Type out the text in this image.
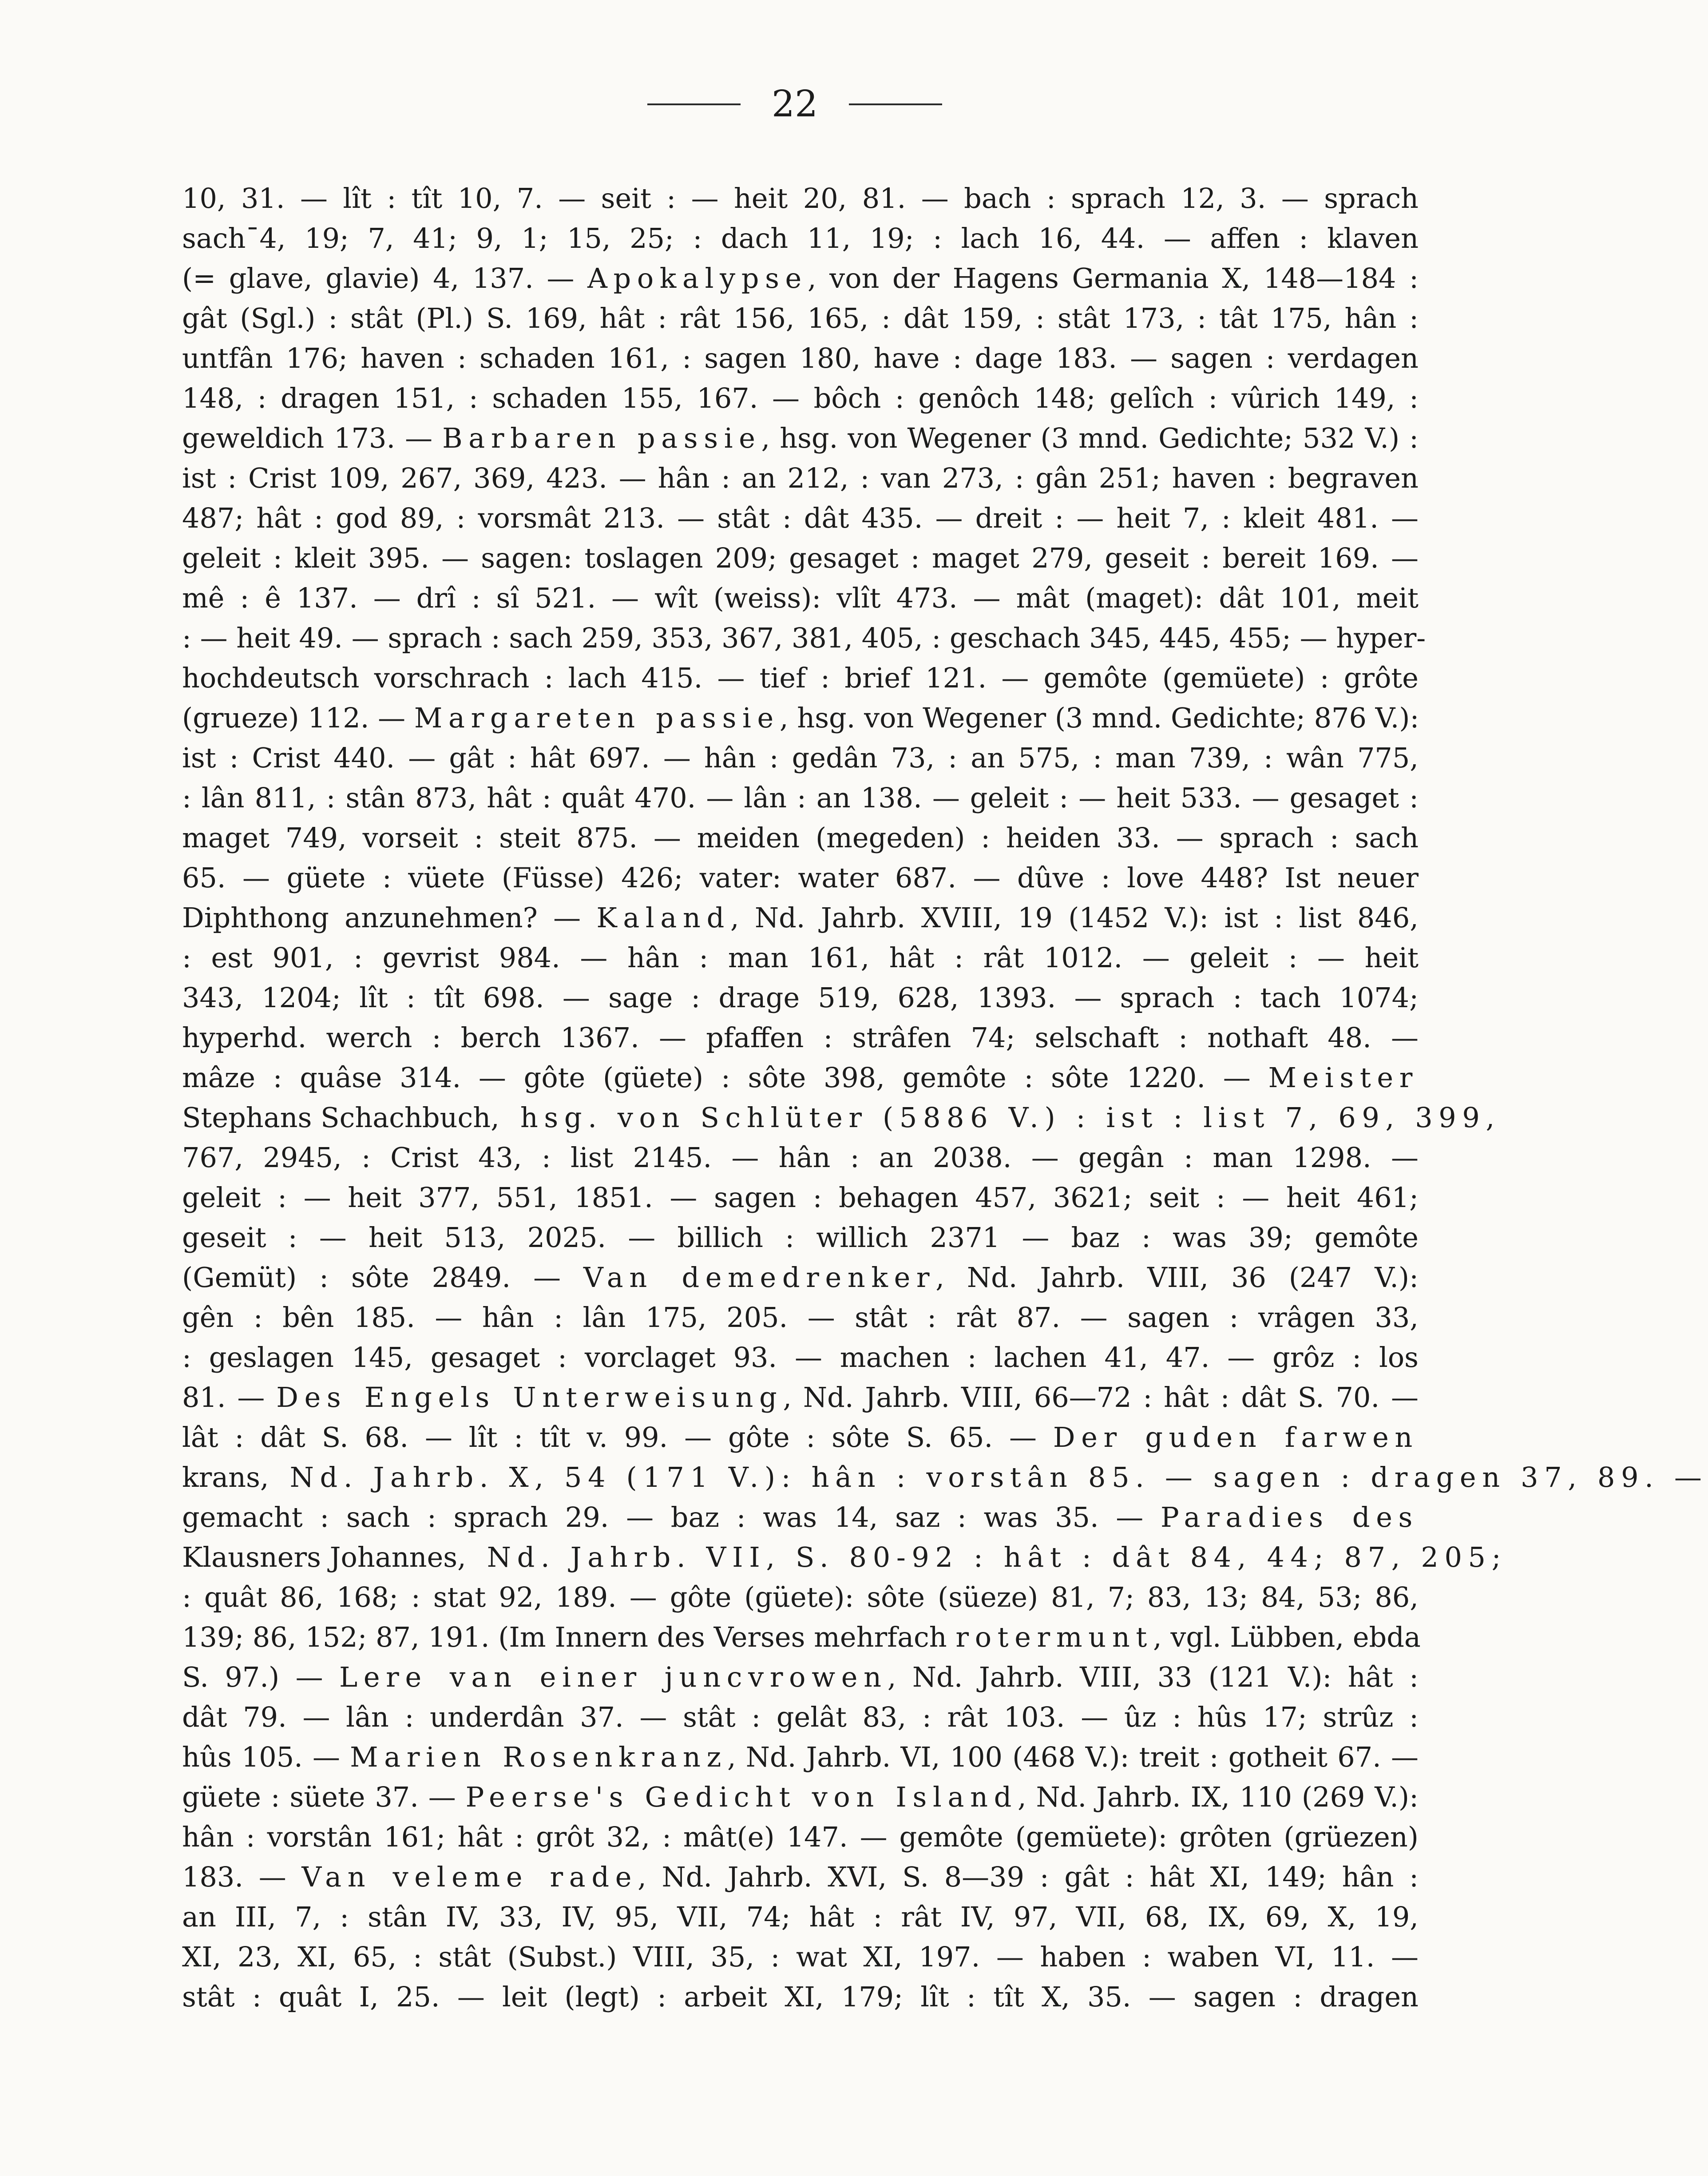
22
10, 31. — lît : tît 10, 7. — seit : — heit 20, 81. — bach : sprach 12, 3. — sprach
sach¯4, 19; 7, 41; 9, 1; 15, 25; : dach 11, 19; : lach 16, 44. — affen : klaven
(= glave, glavie) 4, 137. — Apokalypse, von der Hagens Germania X, 148—184 :
gât (Sgl.) : stât (Pl.) S. 169, hât : rât 156, 165, : dât 159, : stât 173, : tât 175, hân :
untfân 176; haven : schaden 161, : sagen 180, have : dage 183. — sagen : verdagen
148, : dragen 151, : schaden 155, 167. — bôch : genôch 148; gelîch : vûrich 149, :
geweldich 173. — Barbaren passie, hsg. von Wegener (3 mnd. Gedichte; 532 V.) :
ist : Crist 109, 267, 369, 423. — hân : an 212, : van 273, : gân 251; haven : begraven
487; hât : god 89, : vorsmât 213. — stât : dât 435. — dreit : — heit 7, : kleit 481. —
geleit : kleit 395. — sagen: toslagen 209; gesaget : maget 279, geseit : bereit 169. —
mê : ê 137. — drî : sî 521. — wît (weiss): vlît 473. — mât (maget): dât 101, meit
: — heit 49. — sprach : sach 259, 353, 367, 381, 405, : geschach 345, 445, 455; — hyper-
hochdeutsch vorschrach : lach 415. — tief : brief 121. — gemôte (gemüete) : grôte
(grueze) 112. — Margareten passie, hsg. von Wegener (3 mnd. Gedichte; 876 V.):
ist : Crist 440. — gât : hât 697. — hân : gedân 73, : an 575, : man 739, : wân 775,
: lân 811, : stân 873, hât : quât 470. — lân : an 138. — geleit : — heit 533. — gesaget :
maget 749, vorseit : steit 875. — meiden (megeden) : heiden 33. — sprach : sach
65. — güete : vüete (Füsse) 426; vater: water 687. — dûve : love 448? Ist neuer
Diphthong anzunehmen? — Kaland, Nd. Jahrb. XVIII, 19 (1452 V.): ist : list 846,
: est 901, : gevrist 984. — hân : man 161, hât : rât 1012. — geleit : — heit
343, 1204; lît : tît 698. — sage : drage 519, 628, 1393. — sprach : tach 1074;
hyperhd. werch : berch 1367. — pfaffen : strâfen 74; selschaft : nothaft 48. —
mâze : quâse 314. — gôte (güete) : sôte 398, gemôte : sôte 1220. — Meister
Stephans Schachbuch, hsg. von Schlüter (5886 V.) : ist : list 7, 69, 399,
767, 2945, : Crist 43, : list 2145. — hân : an 2038. — gegân : man 1298. —
geleit : — heit 377, 551, 1851. — sagen : behagen 457, 3621; seit : — heit 461;
geseit : — heit 513, 2025. — billich : willich 2371 — baz : was 39; gemôte
(Gemüt) : sôte 2849. — Van demedrenker, Nd. Jahrb. VIII, 36 (247 V.):
gên : bên 185. — hân : lân 175, 205. — stât : rât 87. — sagen : vrâgen 33,
: geslagen 145, gesaget : vorclaget 93. — machen : lachen 41, 47. — grôz : los
81. — Des Engels Unterweisung, Nd. Jahrb. VIII, 66—72 : hât : dât S. 70. —
lât : dât S. 68. — lît : tît v. 99. — gôte : sôte S. 65. — Der guden farwen
krans, Nd. Jahrb. X, 54 (171 V.): hân : vorstân 85. — sagen : dragen 37, 89. —
gemacht : sach : sprach 29. — baz : was 14, saz : was 35. — Paradies des
Klausners Johannes, Nd. Jahrb. VII, S. 80-92 : hât : dât 84, 44; 87, 205;
: quât 86, 168; : stat 92, 189. — gôte (güete): sôte (süeze) 81, 7; 83, 13; 84, 53; 86,
139; 86, 152; 87, 191. (Im Innern des Verses mehrfach rotermunt, vgl. Lübben, ebda
S. 97.) — Lere van einer juncvrowen, Nd. Jahrb. VIII, 33 (121 V.): hât :
dât 79. — lân : underdân 37. — stât : gelât 83, : rât 103. — ûz : hûs 17; strûz :
hûs 105. — Marien Rosenkranz, Nd. Jahrb. VI, 100 (468 V.): treit : gotheit 67. —
güete : süete 37. — Peerse's Gedicht von Island, Nd. Jahrb. IX, 110 (269 V.):
hân : vorstân 161; hât : grôt 32, : mât(e) 147. — gemôte (gemüete): grôten (grüezen)
183. — Van veleme rade, Nd. Jahrb. XVI, S. 8—39 : gât : hât XI, 149; hân :
an III, 7, : stân IV, 33, IV, 95, VII, 74; hât : rât IV, 97, VII, 68, IX, 69, X, 19,
XI, 23, XI, 65, : stât (Subst.) VIII, 35, : wat XI, 197. — haben : waben VI, 11. —
stât : quât I, 25. — leit (legt) : arbeit XI, 179; lît : tît X, 35. — sagen : dragen
